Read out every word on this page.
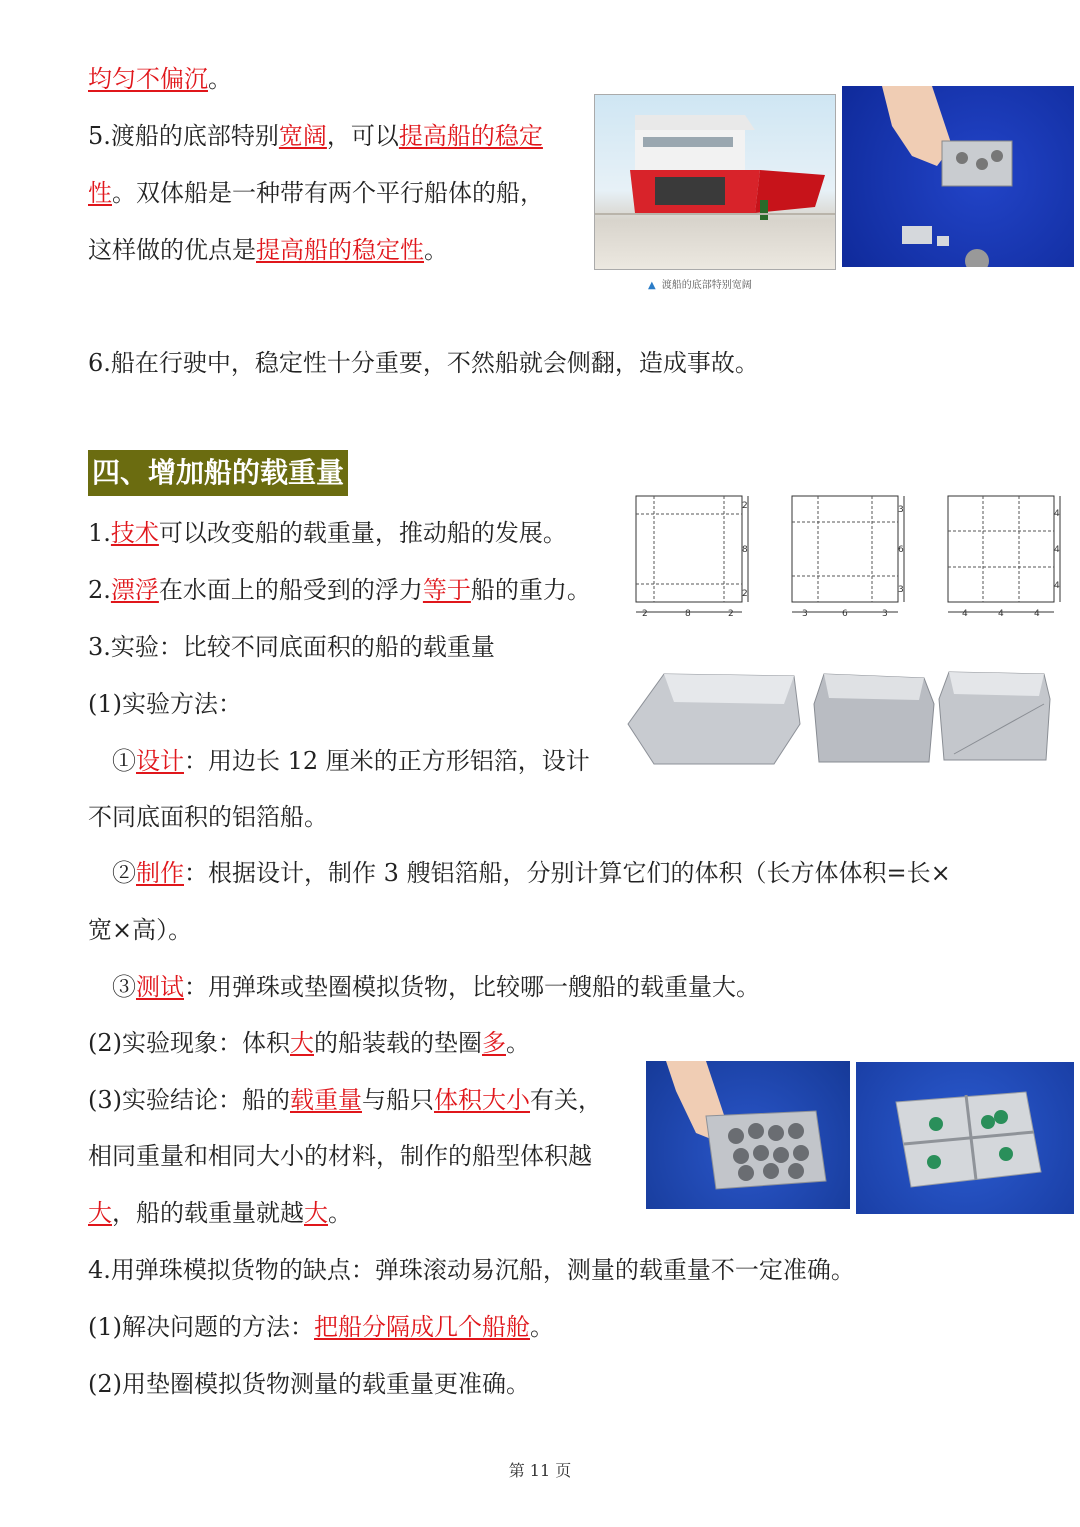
均匀不偏沉。
5.渡船的底部特别宽阔，可以提高船的稳定
性。双体船是一种带有两个平行船体的船，
这样做的优点是提高船的稳定性。
▲ 渡船的底部特别宽阔
6.船在行驶中，稳定性十分重要，不然船就会侧翻，造成事故。
四、增加船的载重量
2
8
2
2	8	2
3
6
3
3	6	3
4
4
4
4	4	4
1.技术可以改变船的载重量，推动船的发展。
2.漂浮在水面上的船受到的浮力等于船的重力。
3.实验：比较不同底面积的船的载重量
(1)实验方法：
①设计：用边长 12 厘米的正方形铝箔，设计
不同底面积的铝箔船。
②制作：根据设计，制作 3 艘铝箔船，分别计算它们的体积（长方体体积=长×
宽×高）。
③测试：用弹珠或垫圈模拟货物，比较哪一艘船的载重量大。
(2)实验现象：体积大的船装载的垫圈多。
(3)实验结论：船的载重量与船只体积大小有关，
相同重量和相同大小的材料，制作的船型体积越
大，船的载重量就越大。
4.用弹珠模拟货物的缺点：弹珠滚动易沉船，测量的载重量不一定准确。
(1)解决问题的方法：把船分隔成几个船舱。
(2)用垫圈模拟货物测量的载重量更准确。
第 11 页
